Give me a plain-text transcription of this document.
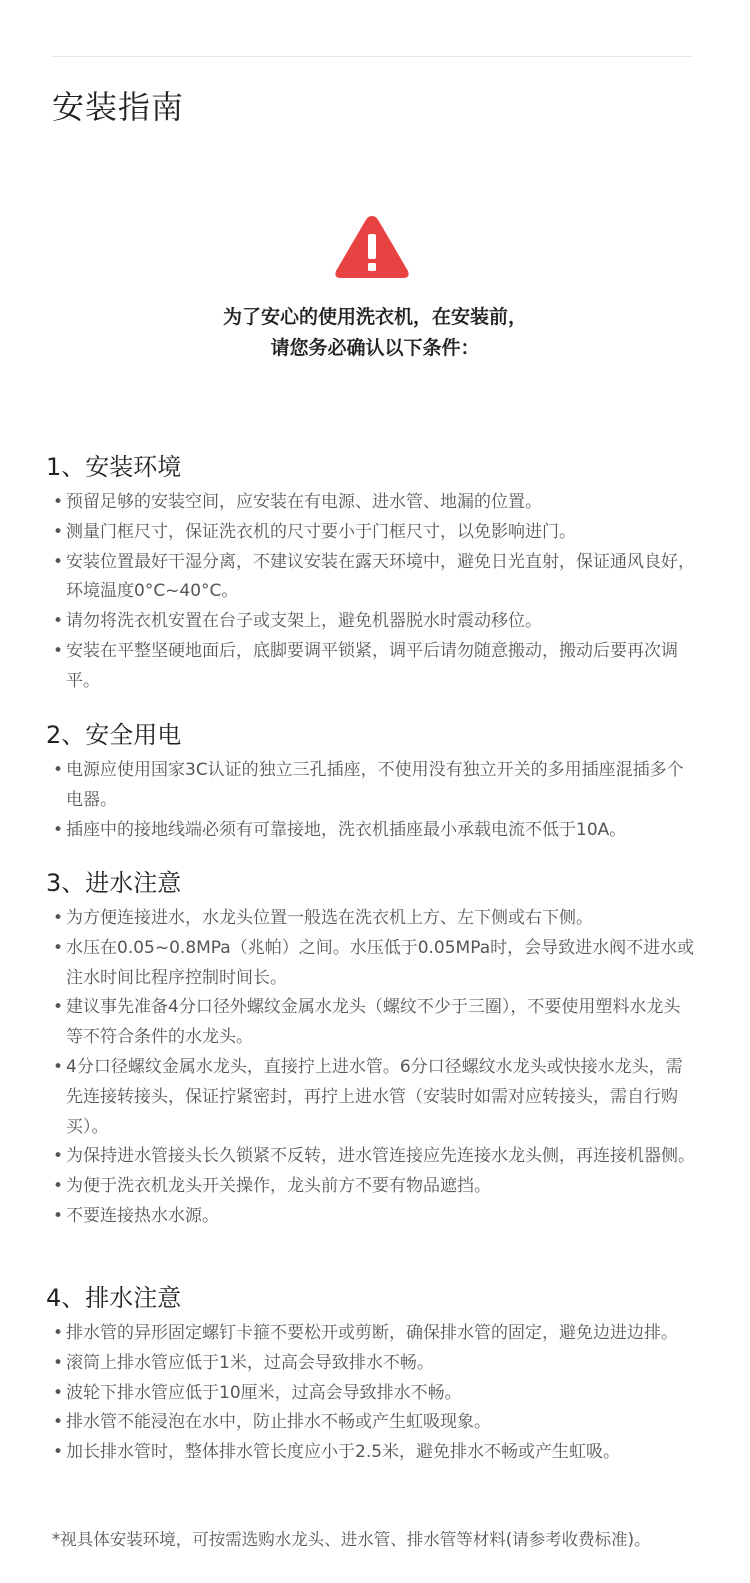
安装指南
为了安心的使用洗衣机，在安装前，
请您务必确认以下条件：
1、安装环境
• 预留足够的安装空间，应安装在有电源、进水管、地漏的位置。
• 测量门框尺寸，保证洗衣机的尺寸要小于门框尺寸，以免影响进门。
• 安装位置最好干湿分离，不建议安装在露天环境中，避免日光直射，保证通风良好，环境温度0°C~40°C。
• 请勿将洗衣机安置在台子或支架上，避免机器脱水时震动移位。
• 安装在平整坚硬地面后，底脚要调平锁紧，调平后请勿随意搬动，搬动后要再次调平。
2、安全用电
• 电源应使用国家3C认证的独立三孔插座，不使用没有独立开关的多用插座混插多个电器。
• 插座中的接地线端必须有可靠接地，洗衣机插座最小承载电流不低于10A。
3、进水注意
• 为方便连接进水，水龙头位置一般选在洗衣机上方、左下侧或右下侧。
• 水压在0.05~0.8MPa（兆帕）之间。水压低于0.05MPa时，会导致进水阀不进水或注水时间比程序控制时间长。
• 建议事先准备4分口径外螺纹金属水龙头（螺纹不少于三圈），不要使用塑料水龙头等不符合条件的水龙头。
• 4分口径螺纹金属水龙头，直接拧上进水管。6分口径螺纹水龙头或快接水龙头，需先连接转接头，保证拧紧密封，再拧上进水管（安装时如需对应转接头，需自行购买）。
• 为保持进水管接头长久锁紧不反转，进水管连接应先连接水龙头侧，再连接机器侧。
• 为便于洗衣机龙头开关操作，龙头前方不要有物品遮挡。
• 不要连接热水水源。
4、排水注意
• 排水管的异形固定螺钉卡箍不要松开或剪断，确保排水管的固定，避免边进边排。
• 滚筒上排水管应低于1米，过高会导致排水不畅。
• 波轮下排水管应低于10厘米，过高会导致排水不畅。
• 排水管不能浸泡在水中，防止排水不畅或产生虹吸现象。
• 加长排水管时，整体排水管长度应小于2.5米，避免排水不畅或产生虹吸。
*视具体安装环境，可按需选购水龙头、进水管、排水管等材料(请参考收费标准)。
